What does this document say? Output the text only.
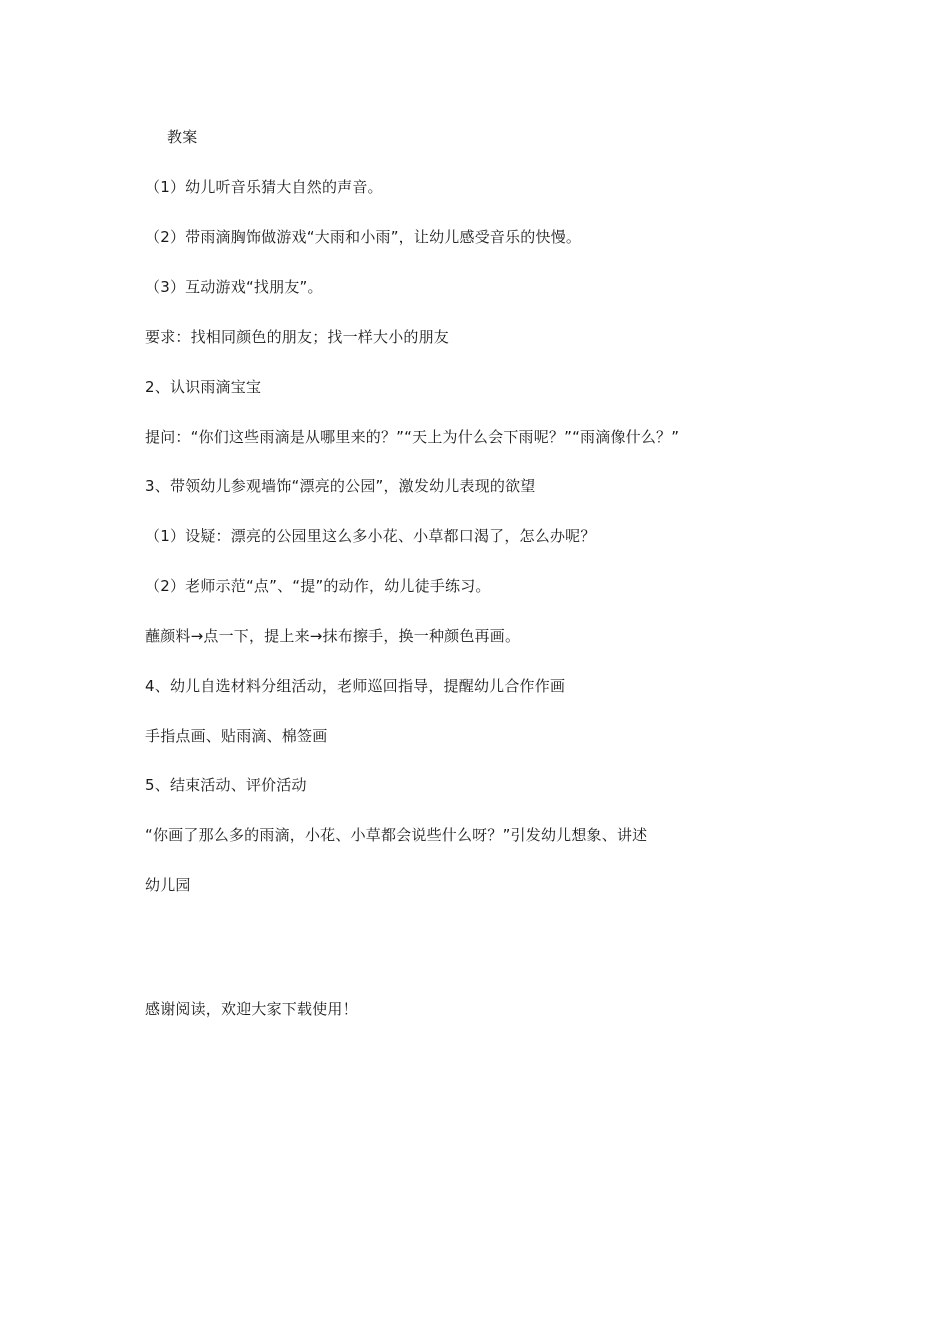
教案
（1）幼儿听音乐猜大自然的声音。
（2）带雨滴胸饰做游戏“大雨和小雨”，让幼儿感受音乐的快慢。
（3）互动游戏“找朋友”。
要求：找相同颜色的朋友；找一样大小的朋友
2、认识雨滴宝宝
提问：“你们这些雨滴是从哪里来的？”“天上为什么会下雨呢？”“雨滴像什么？”
3、带领幼儿参观墙饰“漂亮的公园”，激发幼儿表现的欲望
（1）设疑：漂亮的公园里这么多小花、小草都口渴了，怎么办呢？
（2）老师示范“点”、“提”的动作，幼儿徒手练习。
蘸颜料→点一下，提上来→抹布擦手，换一种颜色再画。
4、幼儿自选材料分组活动，老师巡回指导，提醒幼儿合作作画
手指点画、贴雨滴、棉签画
5、结束活动、评价活动
“你画了那么多的雨滴，小花、小草都会说些什么呀？”引发幼儿想象、讲述
幼儿园
感谢阅读，欢迎大家下载使用！
